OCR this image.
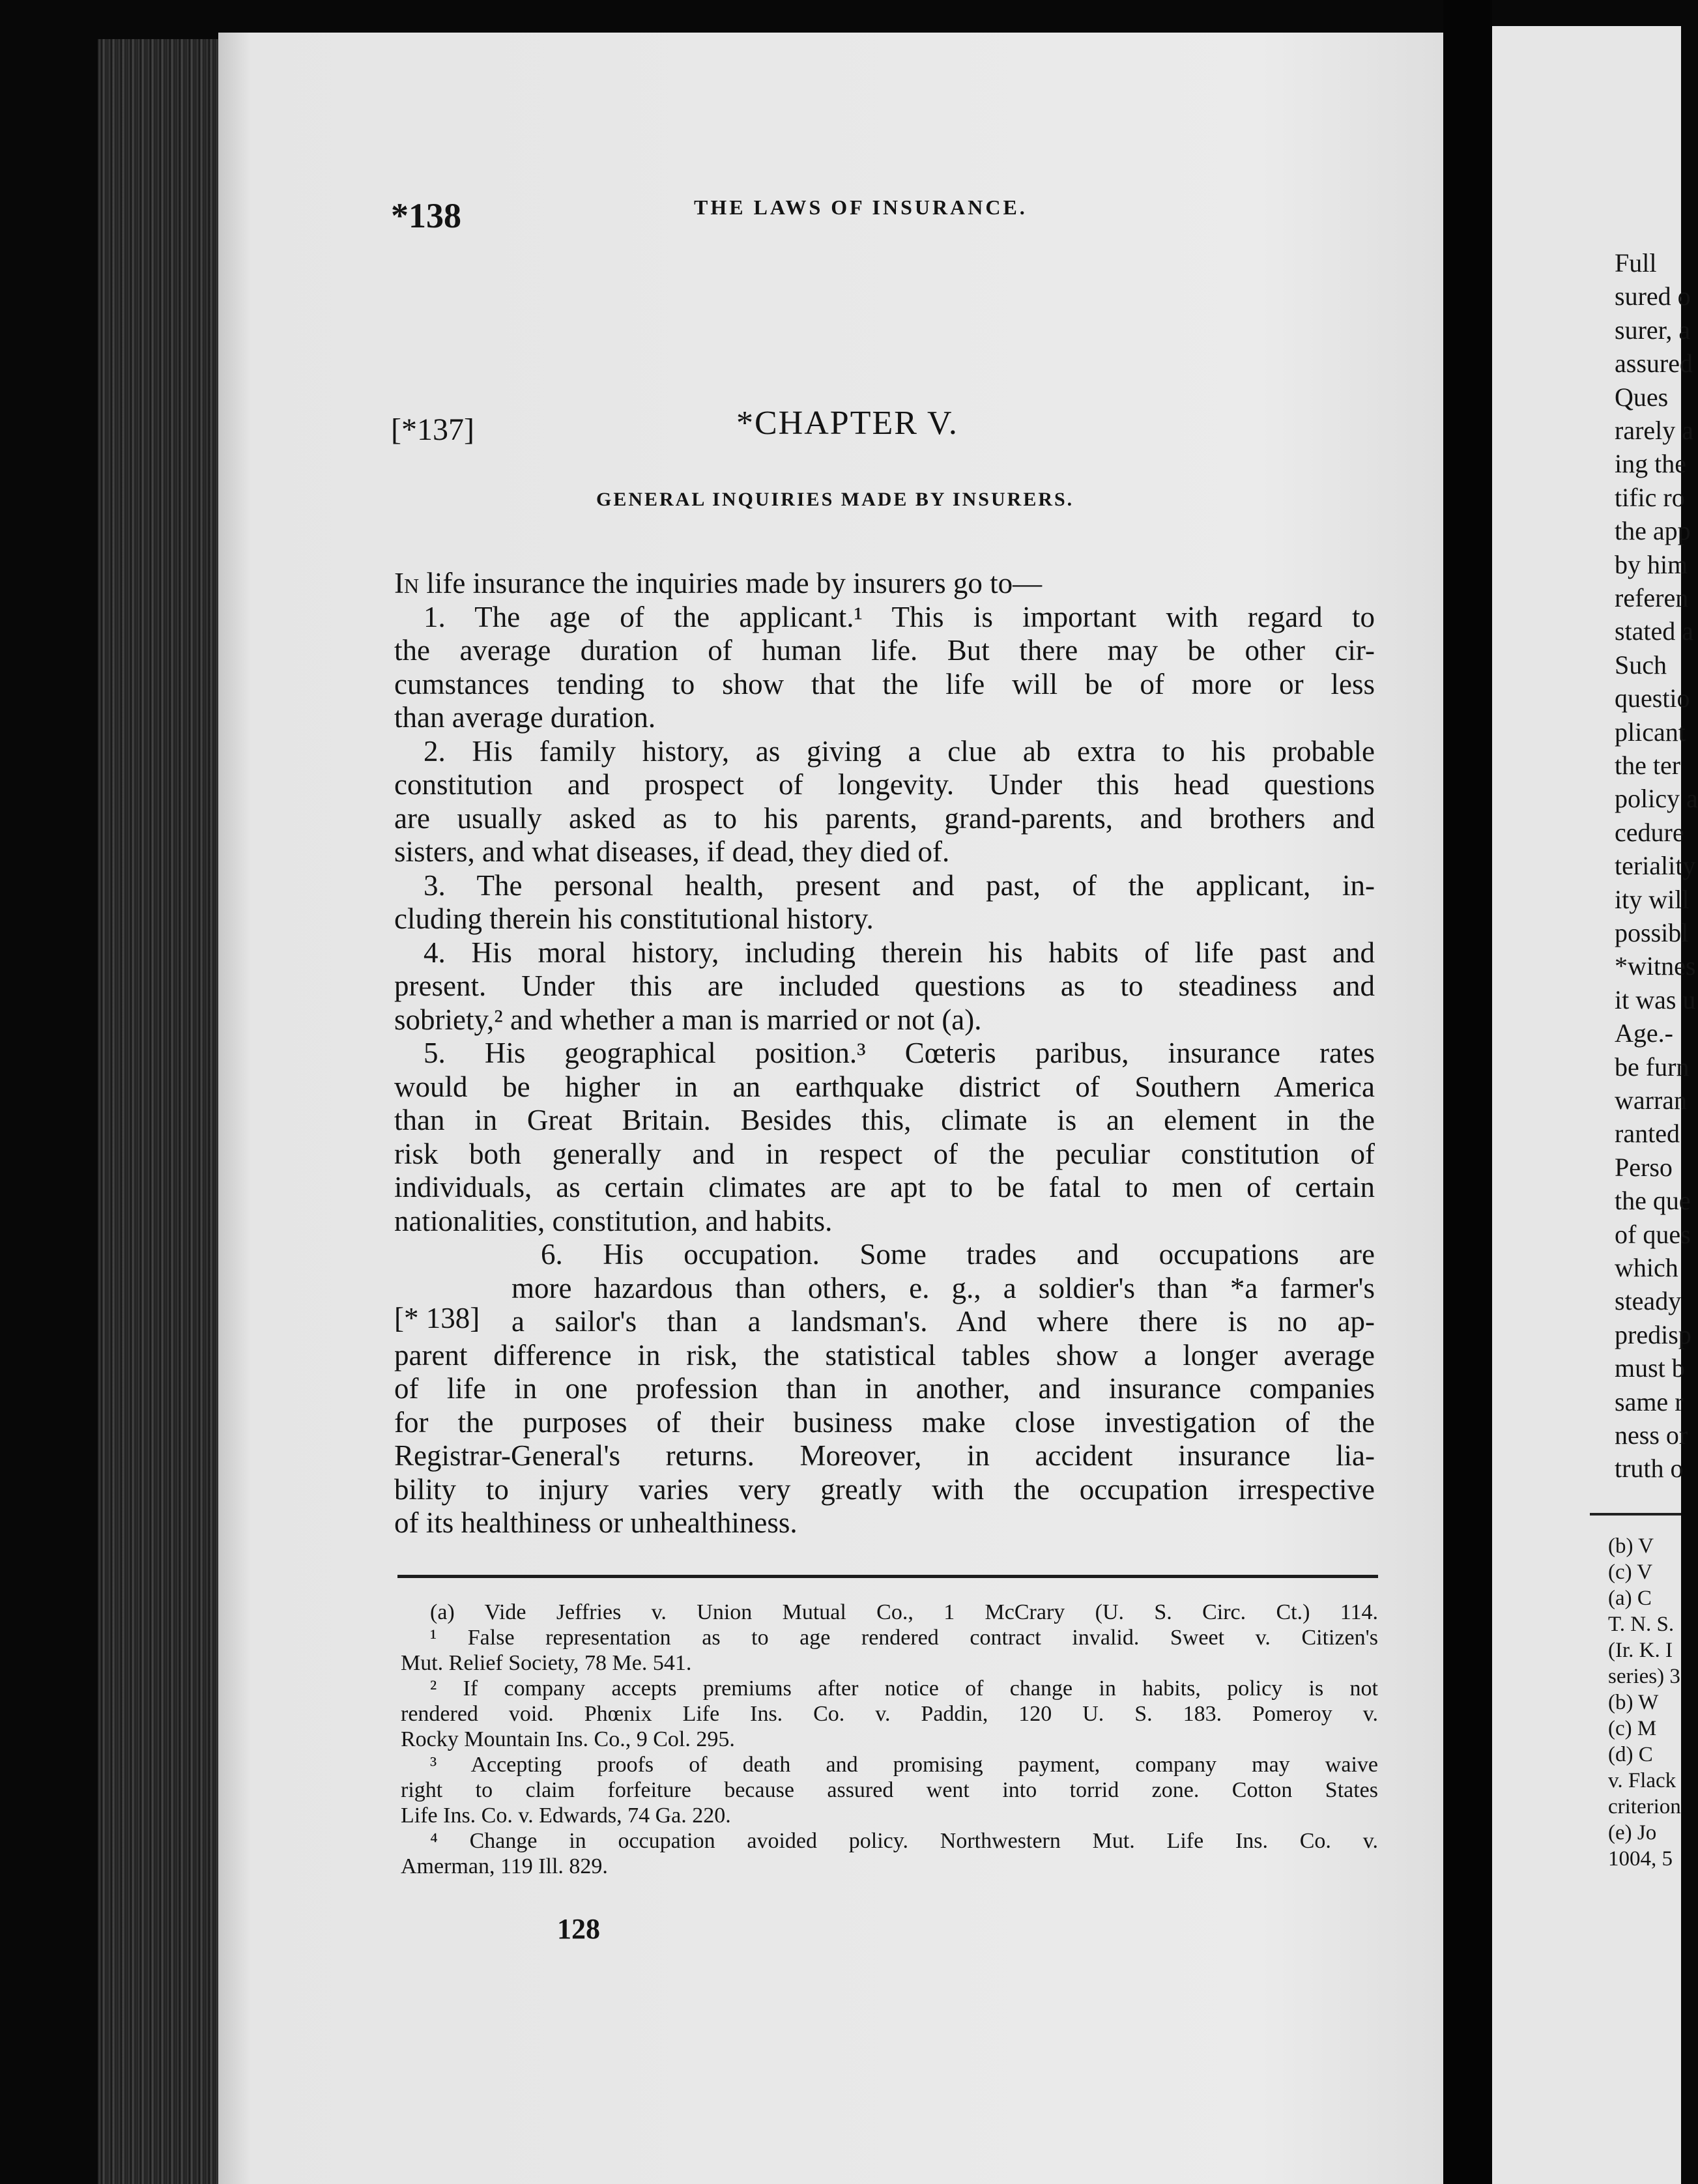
*138	THE LAWS OF INSURANCE.
[*137]	*CHAPTER V.
GENERAL INQUIRIES MADE BY INSURERS.
In life insurance the inquiries made by insurers go to—
1. The age of the applicant.¹ This is important with regard to
the average duration of human life. But there may be other cir-
cumstances tending to show that the life will be of more or less
than average duration.
2. His family history, as giving a clue ab extra to his probable
constitution and prospect of longevity. Under this head questions
are usually asked as to his parents, grand-parents, and brothers and
sisters, and what diseases, if dead, they died of.
3. The personal health, present and past, of the applicant, in-
cluding therein his constitutional history.
4. His moral history, including therein his habits of life past and
present. Under this are included questions as to steadiness and
sobriety,² and whether a man is married or not (a).
5. His geographical position.³ Cœteris paribus, insurance rates
would be higher in an earthquake district of Southern America
than in Great Britain. Besides this, climate is an element in the
risk both generally and in respect of the peculiar constitution of
individuals, as certain climates are apt to be fatal to men of certain
nationalities, constitution, and habits.
6. His occupation. Some trades and occupations are
more hazardous than others, e. g., a soldier's than *a farmer's
a sailor's than a landsman's. And where there is no ap-
parent difference in risk, the statistical tables show a longer average
of life in one profession than in another, and insurance companies
for the purposes of their business make close investigation of the
Registrar-General's returns. Moreover, in accident insurance lia-
bility to injury varies very greatly with the occupation irrespective
of its healthiness or unhealthiness.
[* 138]
(a) Vide Jeffries v. Union Mutual Co., 1 McCrary (U. S. Circ. Ct.) 114.
¹ False representation as to age rendered contract invalid. Sweet v. Citizen's
Mut. Relief Society, 78 Me. 541.
² If company accepts premiums after notice of change in habits, policy is not
rendered void. Phœnix Life Ins. Co. v. Paddin, 120 U. S. 183. Pomeroy v.
Rocky Mountain Ins. Co., 9 Col. 295.
³ Accepting proofs of death and promising payment, company may waive
right to claim forfeiture because assured went into torrid zone. Cotton States
Life Ins. Co. v. Edwards, 74 Ga. 220.
⁴ Change in occupation avoided policy. Northwestern Mut. Life Ins. Co. v.
Amerman, 119 Ill. 829.
128
Full
sured o
surer, a
assured
Ques
rarely a
ing the
tific ro
the app
by him
referen
stated a
Such
questio
plicant
the ter
policy a
cedure
teriality
ity will
possibl
*witnes
it was u
Age.-
be furn
warran
ranted
Perso
the que
of ques
which
steady
predisp
must b
same r
ness or
truth o
(b) V
(c) V
(a) C
T. N. S.
(Ir. K. I
series) 3
(b) W
(c) M
(d) C
v. Flack
criterion
(e) Jo
1004, 5
